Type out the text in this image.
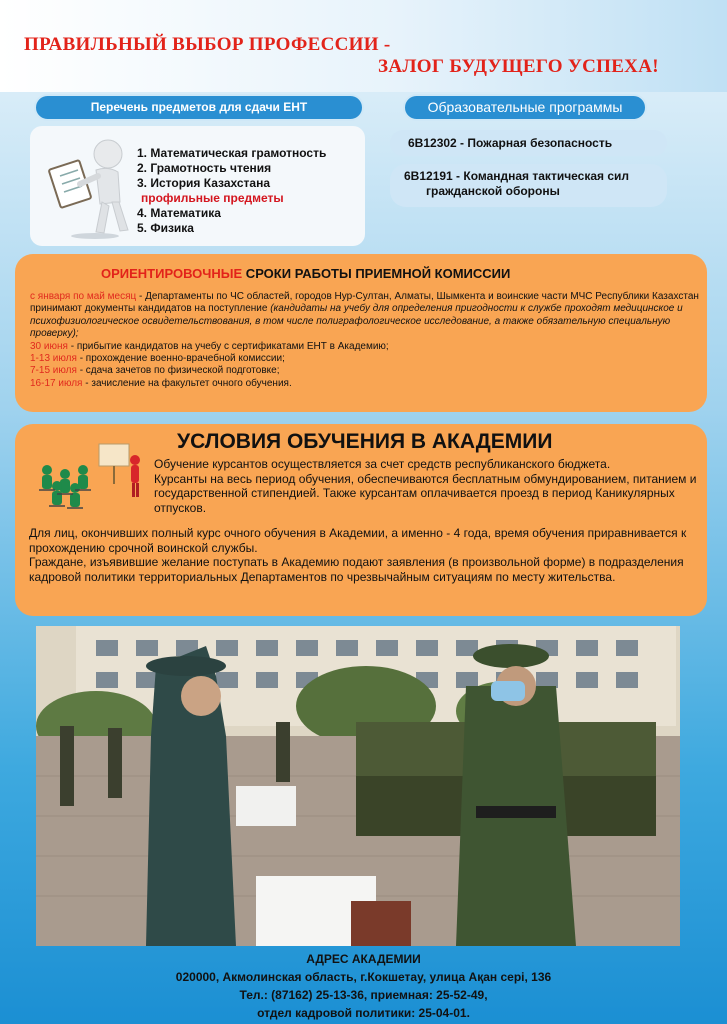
ПРАВИЛЬНЫЙ ВЫБОР ПРОФЕССИИ -
ЗАЛОГ БУДУЩЕГО УСПЕХА!
Перечень предметов для сдачи ЕНТ
1. Математическая грамотность
2. Грамотность чтения
3. История Казахстана
профильные предметы
4. Математика
5. Физика
Образовательные программы
6B12302 - Пожарная безопасность
6B12191 - Командная тактическая сил
гражданской обороны
ОРИЕНТИРОВОЧНЫЕ СРОКИ РАБОТЫ ПРИЕМНОЙ КОМИССИИ

с января по май месяц - Департаменты по ЧС областей, городов Нур-Султан, Алматы, Шымкента и воинские части МЧС Республики Казахстан принимают документы кандидатов на поступление (кандидаты на учебу для определения пригодности к службе проходят медицинское и психофизиологическое освидетельствования, в том числе полиграфологическое исследование, а также обязательную специальную проверку);

30 июня - прибытие кандидатов на учебу с сертификатами ЕНТ в Академию;

1-13 июля - прохождение военно-врачебной комиссии;

7-15 июля - сдача зачетов по физической подготовке;

16-17 июля - зачисление на факультет очного обучения.

УСЛОВИЯ ОБУЧЕНИЯ В АКАДЕМИИ
Обучение курсантов осуществляется за счет средств республиканского бюджета.
Курсанты на весь период обучения, обеспечиваются бесплатным обмундированием, питанием и государственной стипендией. Также курсантам оплачивается проезд в период Каникулярных отпусков.
Для лиц, окончивших полный курс очного обучения в Академии, а именно - 4 года, время обучения приравнивается к прохождению срочной воинской службы.
Граждане, изъявившие желание поступать в Академию подают заявления (в произвольной форме) в подразделения кадровой политики территориальных Департаментов по чрезвычайным ситуациям по месту жительства.
АДРЕС АКАДЕМИИ
020000, Акмолинская область, г.Кокшетау, улица Ақан сері, 136
Тел.: (87162) 25-13-36, приемная: 25-52-49,
отдел кадровой политики: 25-04-01.
